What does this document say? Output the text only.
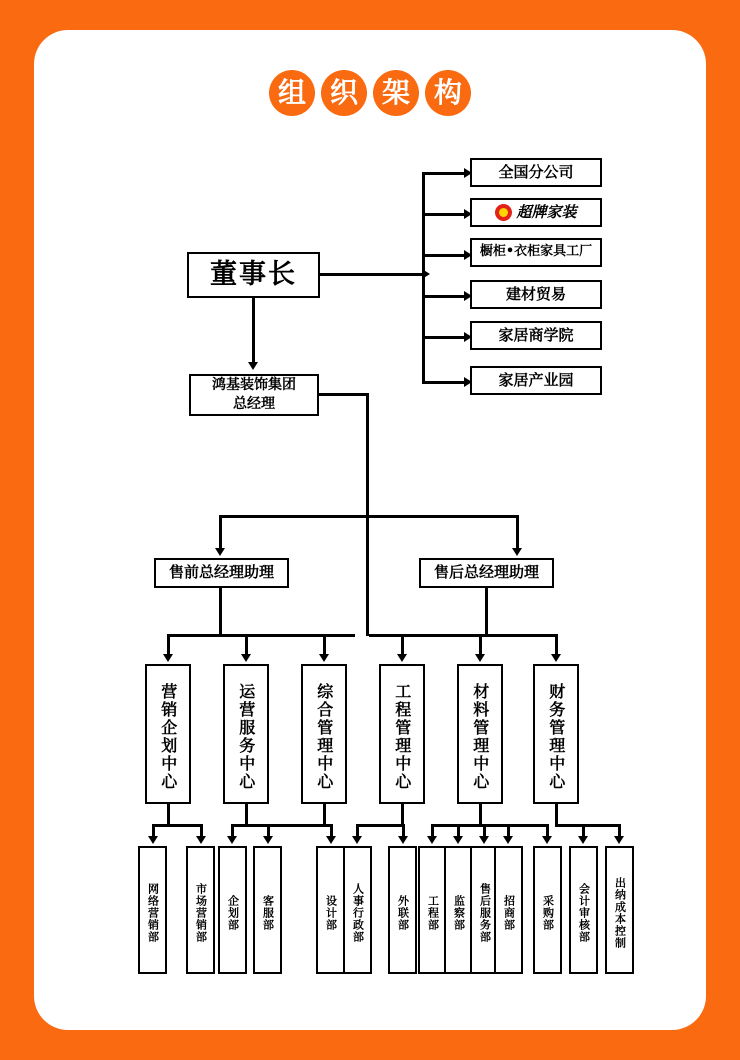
组 织 架 构
董事长
全国分公司
超牌家装
橱柜•衣柜家具工厂
建材贸易
家居商学院
家居产业园
鸿基装饰集团
总经理
售前总经理助理	售后总经理助理
营销企划中心	运营服务中心	综合管理中心	工程管理中心	材料管理中心	财务管理中心
网络营销部	市场营销部	企划部	客服部	设计部	人事行政部	外联部	工程部	监察部	售后服务部	招商部	采购部	会计审核部	出纳成本控制
